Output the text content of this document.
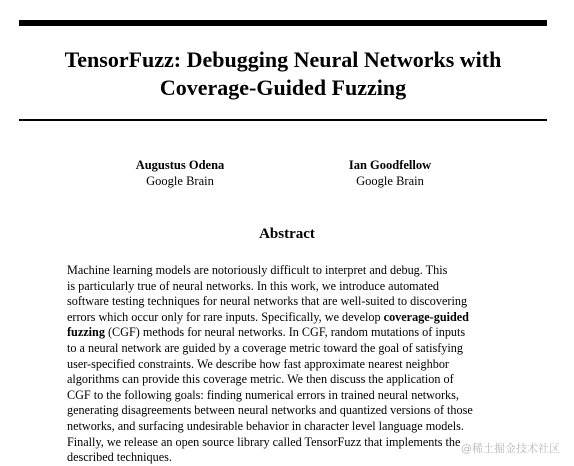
TensorFuzz: Debugging Neural Networks with
Coverage-Guided Fuzzing
Augustus Odena
Google Brain
Ian Goodfellow
Google Brain
Abstract
Machine learning models are notoriously difficult to interpret and debug. This
is particularly true of neural networks. In this work, we introduce automated
software testing techniques for neural networks that are well-suited to discovering
errors which occur only for rare inputs. Specifically, we develop coverage-guided
fuzzing (CGF) methods for neural networks. In CGF, random mutations of inputs
to a neural network are guided by a coverage metric toward the goal of satisfying
user-specified constraints. We describe how fast approximate nearest neighbor
algorithms can provide this coverage metric. We then discuss the application of
CGF to the following goals: finding numerical errors in trained neural networks,
generating disagreements between neural networks and quantized versions of those
networks, and surfacing undesirable behavior in character level language models.
Finally, we release an open source library called TensorFuzz that implements the
described techniques.
@稀土掘金技术社区
